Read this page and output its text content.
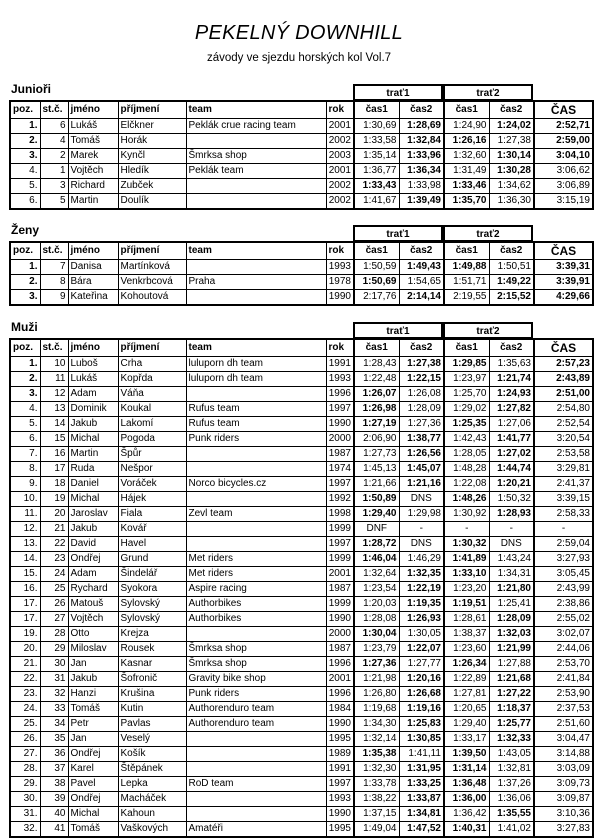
PEKELNÝ DOWNHILL
závody ve sjezdu horských kol Vol.7
Junioři	trať1	trať2
poz.	st.č.	jméno	příjmení	team	rok	čas1	čas2	čas1	čas2	ČAS
1.	6	Lukáš	Elčkner	Peklák crue racing team	2001	1:30,69	1:28,69	1:24,90	1:24,02	2:52,71
2.	4	Tomáš	Horák		2002	1:33,58	1:32,84	1:26,16	1:27,38	2:59,00
3.	2	Marek	Kynčl	Šmrksa shop	2003	1:35,14	1:33,96	1:32,60	1:30,14	3:04,10
4.	1	Vojtěch	Hledík	Peklák team	2001	1:36,77	1:36,34	1:31,49	1:30,28	3:06,62
5.	3	Richard	Zubček		2002	1:33,43	1:33,98	1:33,46	1:34,62	3:06,89
6.	5	Martin	Doulík		2002	1:41,67	1:39,49	1:35,70	1:36,30	3:15,19
Ženy	trať1	trať2
poz.	st.č.	jméno	příjmení	team	rok	čas1	čas2	čas1	čas2	ČAS
1.	7	Danisa	Martínková		1993	1:50,59	1:49,43	1:49,88	1:50,51	3:39,31
2.	8	Bára	Venkrbcová	Praha	1978	1:50,69	1:54,65	1:51,71	1:49,22	3:39,91
3.	9	Kateřina	Kohoutová		1990	2:17,76	2:14,14	2:19,55	2:15,52	4:29,66
Muži	trať1	trať2
poz.	st.č.	jméno	příjmení	team	rok	čas1	čas2	čas1	čas2	ČAS
1.	10	Luboš	Crha	luluporn dh team	1991	1:28,43	1:27,38	1:29,85	1:35,63	2:57,23
2.	11	Lukáš	Kopřda	luluporn dh team	1993	1:22,48	1:22,15	1:23,97	1:21,74	2:43,89
3.	12	Adam	Váňa		1996	1:26,07	1:26,08	1:25,70	1:24,93	2:51,00
4.	13	Dominik	Koukal	Rufus team	1997	1:26,98	1:28,09	1:29,02	1:27,82	2:54,80
5.	14	Jakub	Lakomí	Rufus team	1990	1:27,19	1:27,36	1:25,35	1:27,06	2:52,54
6.	15	Michal	Pogoda	Punk riders	2000	2:06,90	1:38,77	1:42,43	1:41,77	3:20,54
7.	16	Martin	Špůr		1987	1:27,73	1:26,56	1:28,05	1:27,02	2:53,58
8.	17	Ruda	Nešpor		1974	1:45,13	1:45,07	1:48,28	1:44,74	3:29,81
9.	18	Daniel	Voráček	Norco bicycles.cz	1997	1:21,66	1:21,16	1:22,08	1:20,21	2:41,37
10.	19	Michal	Hájek		1992	1:50,89	DNS	1:48,26	1:50,32	3:39,15
11.	20	Jaroslav	Fiala	Zevl team	1998	1:29,40	1:29,98	1:30,92	1:28,93	2:58,33
12.	21	Jakub	Kovář		1999	DNF	-	-	-	-
13.	22	David	Havel		1997	1:28,72	DNS	1:30,32	DNS	2:59,04
14.	23	Ondřej	Grund	Met riders	1999	1:46,04	1:46,29	1:41,89	1:43,24	3:27,93
15.	24	Adam	Šindelář	Met riders	2001	1:32,64	1:32,35	1:33,10	1:34,31	3:05,45
16.	25	Rychard	Syokora	Aspire racing	1987	1:23,54	1:22,19	1:23,20	1:21,80	2:43,99
17.	26	Matouš	Sylovský	Authorbikes	1999	1:20,03	1:19,35	1:19,51	1:25,41	2:38,86
17.	27	Vojtěch	Sylovský	Authorbikes	1990	1:28,08	1:26,93	1:28,61	1:28,09	2:55,02
19.	28	Otto	Krejza		2000	1:30,04	1:30,05	1:38,37	1:32,03	3:02,07
20.	29	Miloslav	Rousek	Šmrksa shop	1987	1:23,79	1:22,07	1:23,60	1:21,99	2:44,06
21.	30	Jan	Kasnar	Šmrksa shop	1996	1:27,36	1:27,77	1:26,34	1:27,88	2:53,70
22.	31	Jakub	Šofronič	Gravity bike shop	2001	1:21,98	1:20,16	1:22,89	1:21,68	2:41,84
23.	32	Hanzi	Krušina	Punk riders	1996	1:26,80	1:26,68	1:27,81	1:27,22	2:53,90
24.	33	Tomáš	Kutin	Authorenduro team	1984	1:19,68	1:19,16	1:20,65	1:18,37	2:37,53
25.	34	Petr	Pavlas	Authorenduro team	1990	1:34,30	1:25,83	1:29,40	1:25,77	2:51,60
26.	35	Jan	Veselý		1995	1:32,14	1:30,85	1:33,17	1:32,33	3:04,47
27.	36	Ondřej	Košík		1989	1:35,38	1:41,11	1:39,50	1:43,05	3:14,88
28.	37	Karel	Štěpánek		1991	1:32,30	1:31,95	1:31,14	1:32,81	3:03,09
29.	38	Pavel	Lepka	RoD team	1997	1:33,78	1:33,25	1:36,48	1:37,26	3:09,73
30.	39	Ondřej	Macháček		1993	1:38,22	1:33,87	1:36,00	1:36,06	3:09,87
31.	40	Michal	Kahoun		1990	1:37,15	1:34,81	1:36,42	1:35,55	3:10,36
32.	41	Tomáš	Vaškových	Amatéři	1995	1:49,04	1:47,52	1:40,31	1:41,02	3:27,83
